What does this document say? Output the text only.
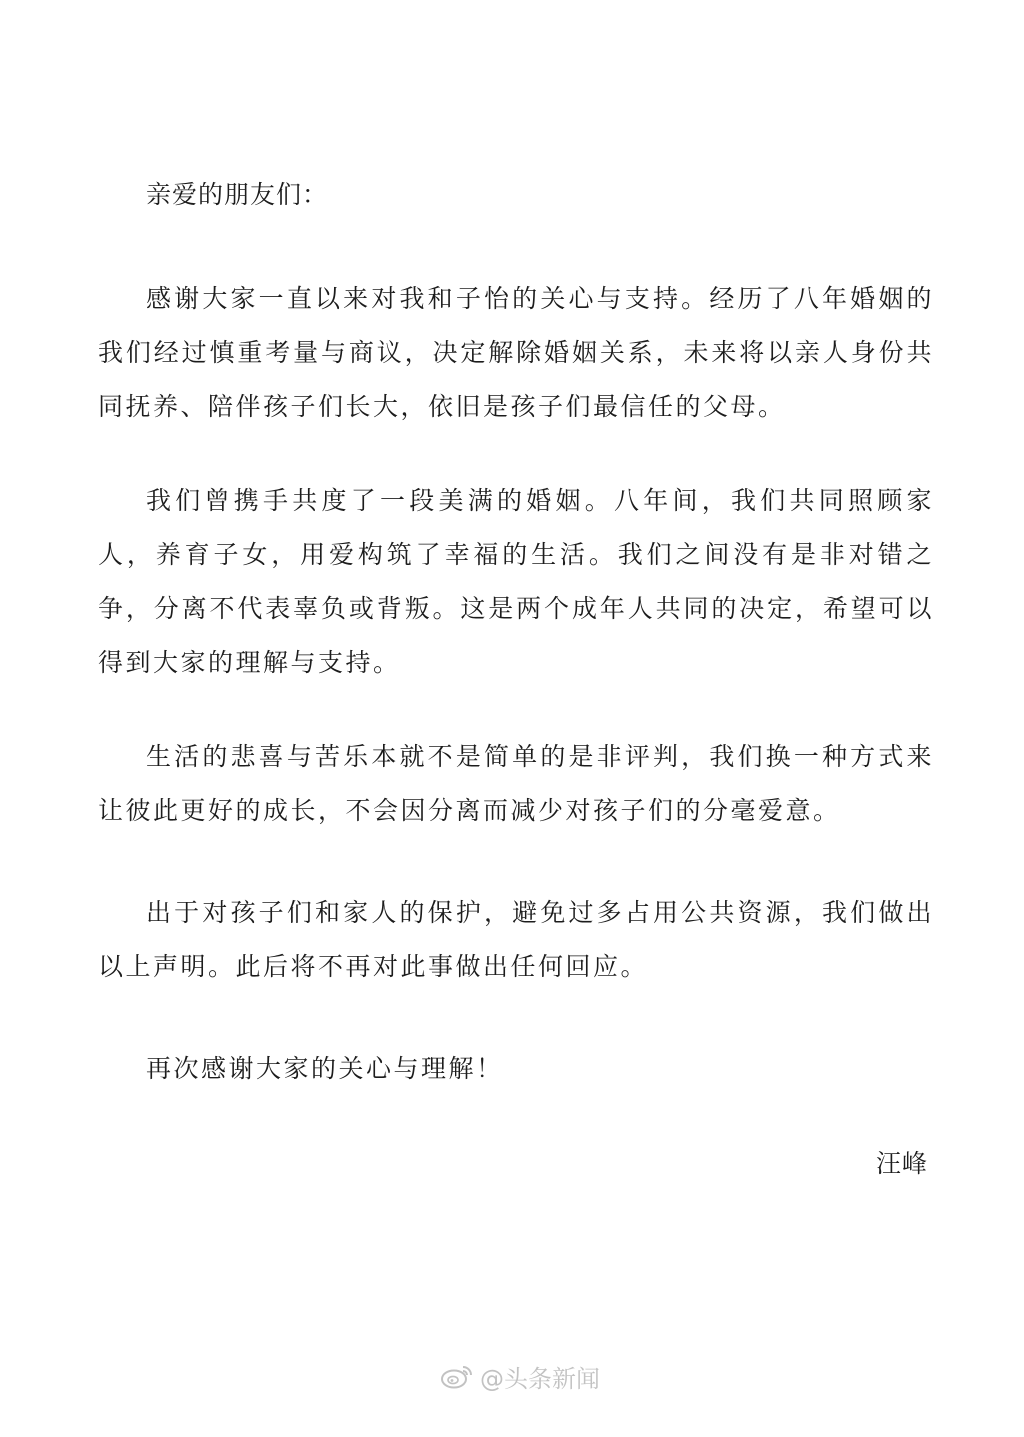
亲爱的朋友们：

感谢大家一直以来对我和子怡的关心与支持。经历了八年婚姻的我们经过慎重考量与商议，决定解除婚姻关系，未来将以亲人身份共同抚养、陪伴孩子们长大，依旧是孩子们最信任的父母。

我们曾携手共度了一段美满的婚姻。八年间，我们共同照顾家人，养育子女，用爱构筑了幸福的生活。我们之间没有是非对错之争，分离不代表辜负或背叛。这是两个成年人共同的决定，希望可以得到大家的理解与支持。

生活的悲喜与苦乐本就不是简单的是非评判，我们换一种方式来让彼此更好的成长，不会因分离而减少对孩子们的分毫爱意。

出于对孩子们和家人的保护，避免过多占用公共资源，我们做出以上声明。此后将不再对此事做出任何回应。

再次感谢大家的关心与理解！

汪峰
@头条新闻
